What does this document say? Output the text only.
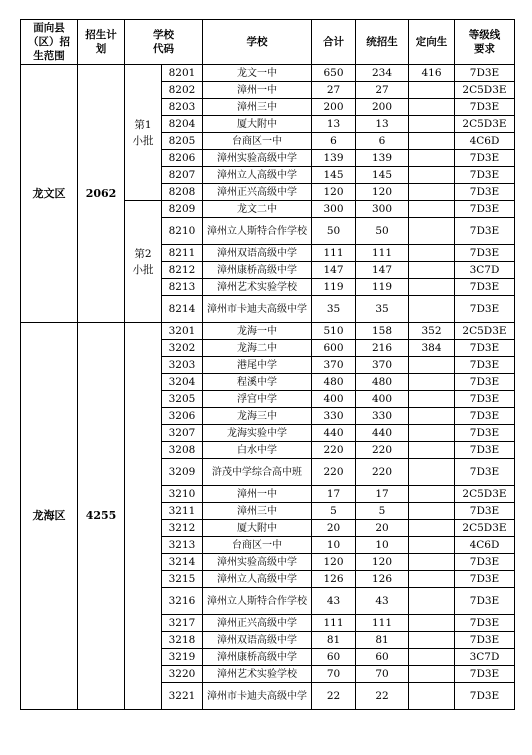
面向县（区）招生范围	招生计划	学校代码		学校	合计	统招生	定向生	等级线要求
龙文区	2062	第1小批	8201	龙文一中	650	234	416	7D3E
			8202	漳州一中	27	27		2C5D3E
			8203	漳州三中	200	200		7D3E
			8204	厦大附中	13	13		2C5D3E
			8205	台商区一中	6	6		4C6D
			8206	漳州实验高级中学	139	139		7D3E
			8207	漳州立人高级中学	145	145		7D3E
			8208	漳州正兴高级中学	120	120		7D3E
		第2小批	8209	龙文二中	300	300		7D3E
			8210	漳州立人斯特合作学校	50	50		7D3E
			8211	漳州双语高级中学	111	111		7D3E
			8212	漳州康桥高级中学	147	147		3C7D
			8213	漳州艺术实验学校	119	119		7D3E
			8214	漳州市卡迪夫高级中学	35	35		7D3E
龙海区	4255		3201	龙海一中	510	158	352	2C5D3E
			3202	龙海二中	600	216	384	7D3E
			3203	港尾中学	370	370		7D3E
			3204	程溪中学	480	480		7D3E
			3205	浮宫中学	400	400		7D3E
			3206	龙海三中	330	330		7D3E
			3207	龙海实验中学	440	440		7D3E
			3208	白水中学	220	220		7D3E
			3209	浒茂中学综合高中班	220	220		7D3E
			3210	漳州一中	17	17		2C5D3E
			3211	漳州三中	5	5		7D3E
			3212	厦大附中	20	20		2C5D3E
			3213	台商区一中	10	10		4C6D
			3214	漳州实验高级中学	120	120		7D3E
			3215	漳州立人高级中学	126	126		7D3E
			3216	漳州立人斯特合作学校	43	43		7D3E
			3217	漳州正兴高级中学	111	111		7D3E
			3218	漳州双语高级中学	81	81		7D3E
			3219	漳州康桥高级中学	60	60		3C7D
			3220	漳州艺术实验学校	70	70		7D3E
			3221	漳州市卡迪夫高级中学	22	22		7D3E
